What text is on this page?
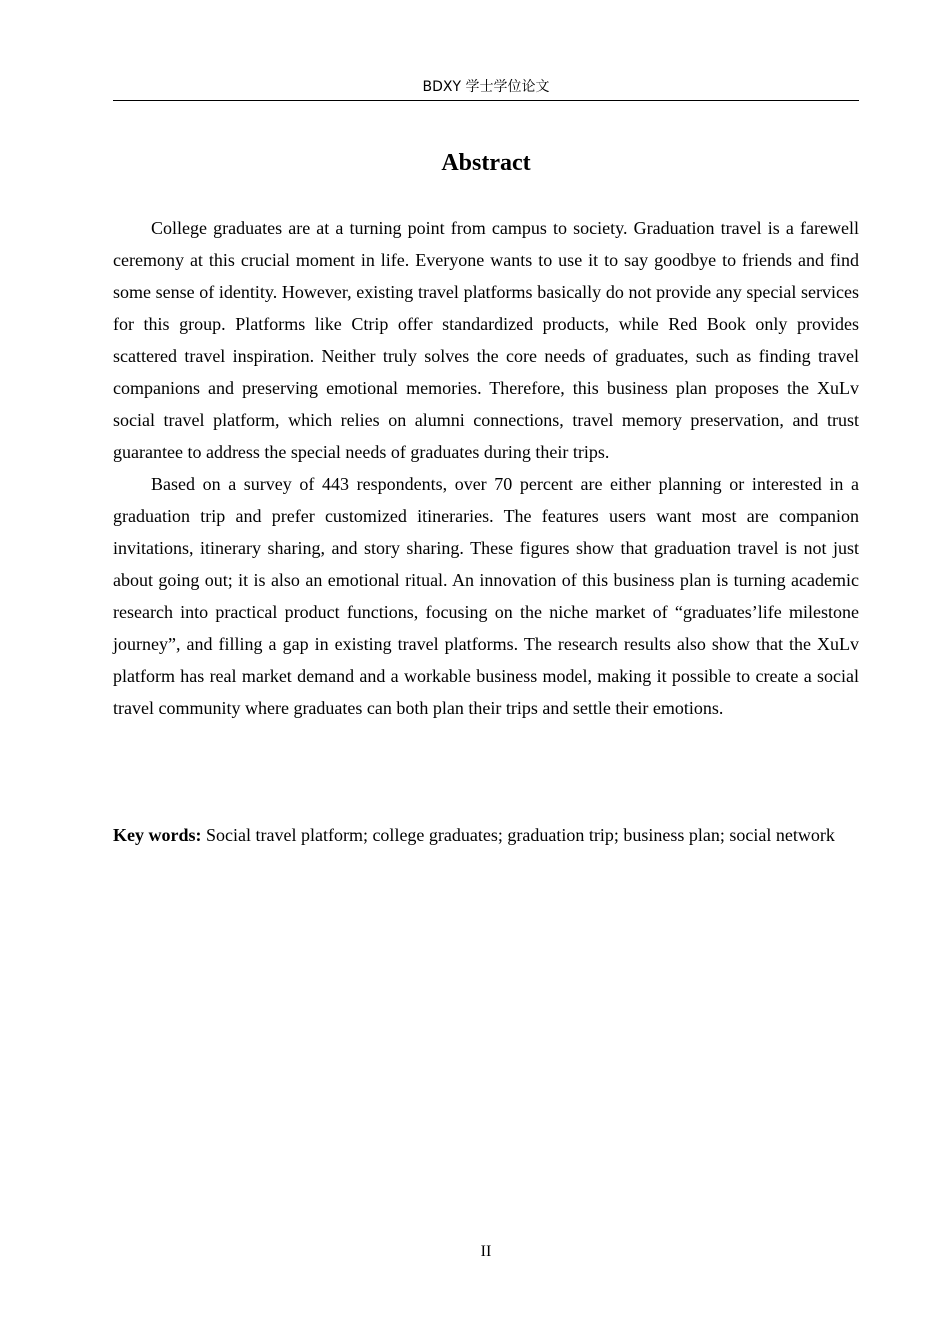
BDXY 学士学位论文
Abstract

College graduates are at a turning point from campus to society. Graduation travel is a farewell ceremony at this crucial moment in life. Everyone wants to use it to say goodbye to friends and find some sense of identity. However, existing travel platforms basically do not provide any special services for this group. Platforms like Ctrip offer standardized products, while Red Book only provides scattered travel inspiration. Neither truly solves the core needs of graduates, such as finding travel companions and preserving emotional memories. Therefore, this business plan proposes the XuLv social travel platform, which relies on alumni connections, travel memory preservation, and trust guarantee to address the special needs of graduates during their trips.

Based on a survey of 443 respondents, over 70 percent are either planning or interested in a graduation trip and prefer customized itineraries. The features users want most are companion invitations, itinerary sharing, and story sharing. These figures show that graduation travel is not just about going out; it is also an emotional ritual. An innovation of this business plan is turning academic research into practical product functions, focusing on the niche market of “graduates’life milestone journey”, and filling a gap in existing travel platforms. The research results also show that the XuLv platform has real market demand and a workable business model, making it possible to create a social travel community where graduates can both plan their trips and settle their emotions.

Key words: Social travel platform; college graduates; graduation trip; business plan; social network
II
